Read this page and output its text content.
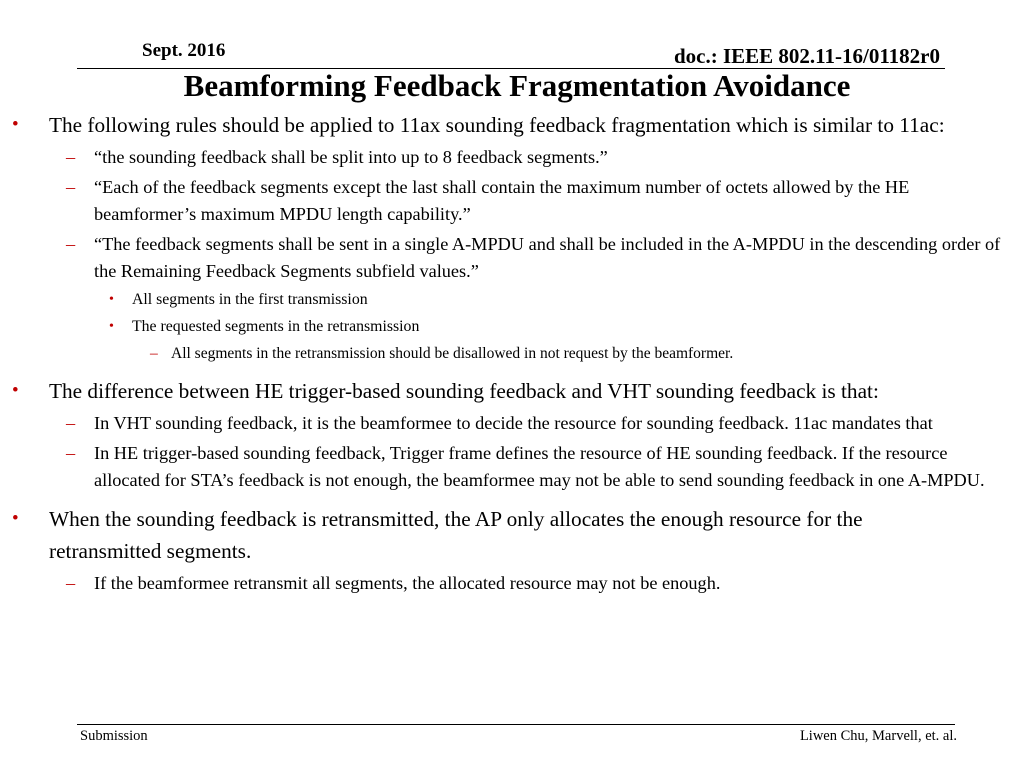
Sept. 2016	doc.: IEEE 802.11-16/01182r0
Beamforming Feedback Fragmentation Avoidance
• The following rules should be applied to 11ax sounding feedback fragmentation which is similar to 11ac:
– “the sounding feedback shall be split into up to 8 feedback segments.”
– “Each of the feedback segments except the last shall contain the maximum number of octets allowed by the HE beamformer’s maximum MPDU length capability.”
– “The feedback segments shall be sent in a single A-MPDU and shall be included in the A-MPDU in the descending order of the Remaining Feedback Segments subfield values.”
• All segments in the first transmission
• The requested segments in the retransmission
– All segments in the retransmission should be disallowed in not request by the beamformer.
• The difference between HE trigger-based sounding feedback and VHT sounding feedback is that:
– In VHT sounding feedback, it is the beamformee to decide the resource for sounding feedback. 11ac mandates that
– In HE trigger-based sounding feedback, Trigger frame defines the resource of HE sounding feedback. If the resource allocated for STA’s feedback is not enough, the beamformee may not be able to send sounding feedback in one A-MPDU.
• When the sounding feedback is retransmitted, the AP only allocates the enough resource for the retransmitted segments.
– If the beamformee retransmit all segments, the allocated resource may not be enough.
Submission	Liwen Chu, Marvell, et. al.
